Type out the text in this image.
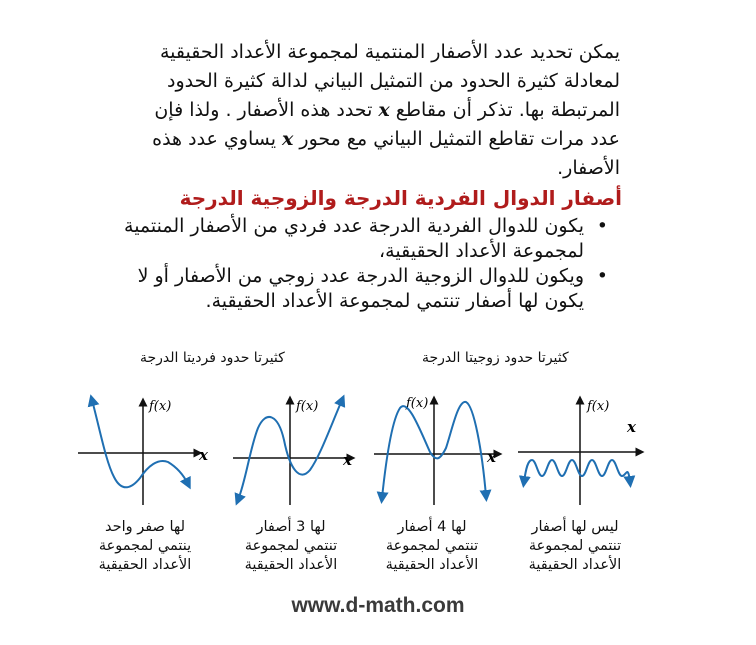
يمكن تحديد عدد الأصفار المنتمية لمجموعة الأعداد الحقيقية
لمعادلة كثيرة الحدود من التمثيل البياني لدالة كثيرة الحدود
المرتبطة بها. تذكر أن مقاطع x تحدد هذه الأصفار . ولذا فإن
عدد مرات تقاطع التمثيل البياني مع محور x يساوي عدد هذه
الأصفار.

أصفار الدوال الفردية الدرجة والزوجية الدرجة
•
يكون للدوال الفردية الدرجة عدد فردي من الأصفار المنتمية لمجموعة الأعداد الحقيقية،
•
ويكون للدوال الزوجية الدرجة عدد زوجي من الأصفار أو لا يكون لها أصفار تنتمي لمجموعة الأعداد الحقيقية.
كثيرتا حدود فرديتا الدرجة	كثيرتا حدود زوجيتا الدرجة
f(x)
x
f(x)
x
f(x)
x
f(x)
x
لها صفر واحد
ينتمي لمجموعة
الأعداد الحقيقية
لها 3 أصفار
تنتمي لمجموعة
الأعداد الحقيقية
لها 4 أصفار
تنتمي لمجموعة
الأعداد الحقيقية
ليس لها أصفار
تنتمي لمجموعة
الأعداد الحقيقية
www.d-math.com
